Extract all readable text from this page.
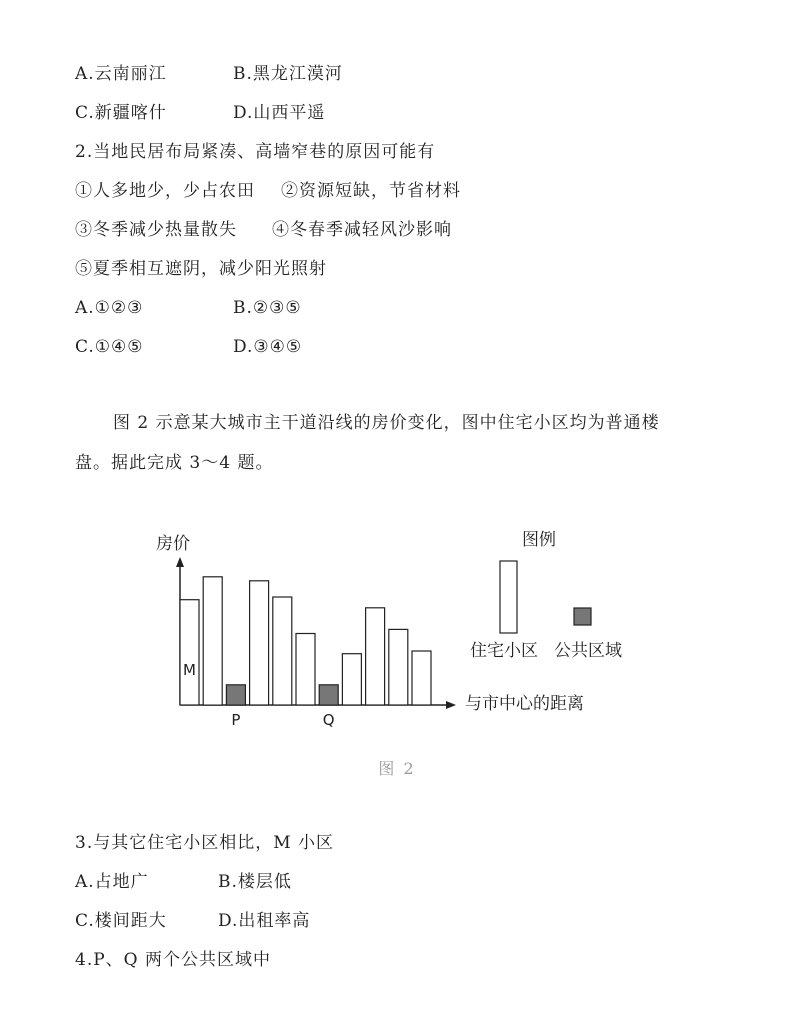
A.云南丽江	B.黑龙江漠河
C.新疆喀什	D.山西平遥
2.当地民居布局紧凑、高墙窄巷的原因可能有
①人多地少，少占农田 ②资源短缺，节省材料
③冬季减少热量散失 ④冬春季减轻风沙影响
⑤夏季相互遮阴，减少阳光照射
A.①②③	B.②③⑤
C.①④⑤	D.③④⑤
图 2 示意某大城市主干道沿线的房价变化，图中住宅小区均为普通楼
盘。据此完成 3～4 题。
房价
与市中心的距离
M
P	Q
图例
住宅小区 公共区域
图 2
3.与其它住宅小区相比，M 小区
A.占地广	B.楼层低
C.楼间距大	D.出租率高
4.P、Q 两个公共区域中
